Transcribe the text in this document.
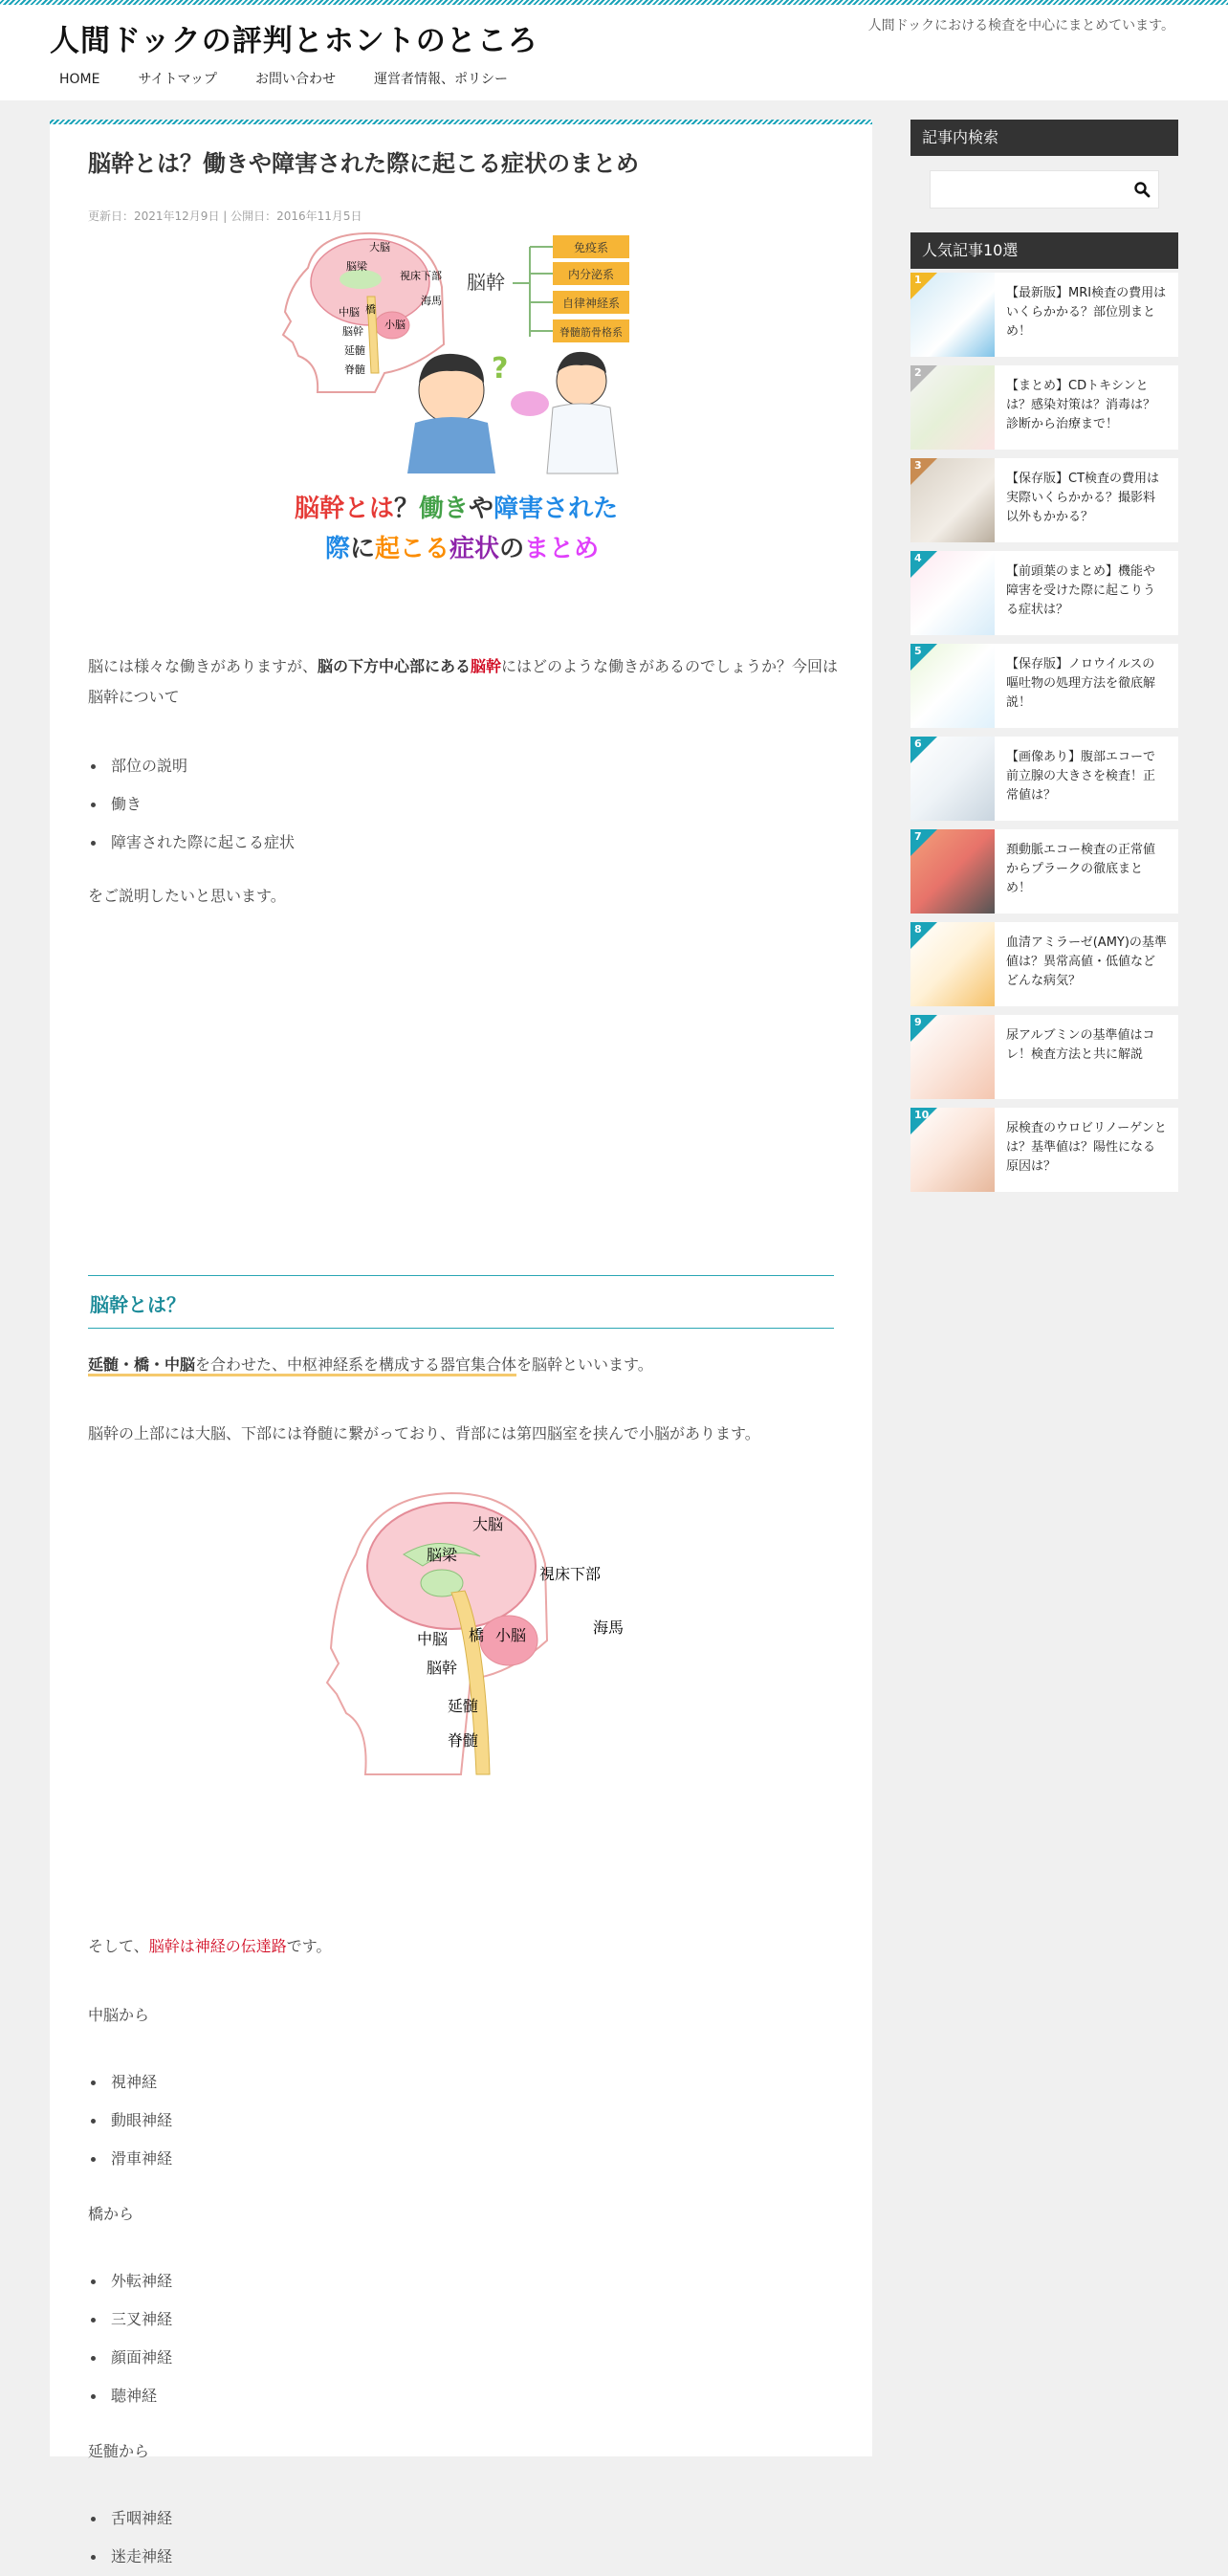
人間ドックの評判とホントのところ	人間ドックにおける検査を中心にまとめています。
HOME	サイトマップ	お問い合わせ	運営者情報、ポリシー
脳幹とは？働きや障害された際に起こる症状のまとめ
更新日：2021年12月9日 | 公開日：2016年11月5日
大脳
脳梁
視床下部
海馬
中脳 橋
小脳
脳幹
延髄
脊髄
脳幹
免疫系
内分泌系
自律神経系
脊髄筋骨格系
?
脳幹とは？働きや障害された
際に起こる症状のまとめ

脳には様々な働きがありますが、脳の下方中心部にある脳幹にはどのような働きがあるのでしょうか？今回は脳幹について

部位の説明
働き
障害された際に起こる症状

をご説明したいと思います。

脳幹とは？

延髄・橋・中脳を合わせた、中枢神経系を構成する器官集合体を脳幹といいます。

脳幹の上部には大脳、下部には脊髄に繋がっており、背部には第四脳室を挟んで小脳があります。

大脳
脳梁
視床下部
海馬
中脳 橋 小脳
脳幹
延髄
脊髄

そして、脳幹は神経の伝達路です。

中脳から

視神経
動眼神経
滑車神経

橋から

外転神経
三叉神経
顔面神経
聴神経

延髄から

舌咽神経
迷走神経
記事内検索
人気記事10選
1
【最新版】MRI検査の費用はいくらかかる？部位別まとめ！
2
【まとめ】CDトキシンとは？感染対策は？消毒は？診断から治療まで！
3
【保存版】CT検査の費用は実際いくらかかる？撮影料以外もかかる？
4
【前頭葉のまとめ】機能や障害を受けた際に起こりうる症状は？
5
【保存版】ノロウイルスの嘔吐物の処理方法を徹底解説！
6
【画像あり】腹部エコーで前立腺の大きさを検査！正常値は？
7
頚動脈エコー検査の正常値からプラークの徹底まとめ！
8
血清アミラーゼ(AMY)の基準値は？異常高値・低値などどんな病気？
9
尿アルブミンの基準値はコレ！検査方法と共に解説
10
尿検査のウロビリノーゲンとは？基準値は？陽性になる原因は？
